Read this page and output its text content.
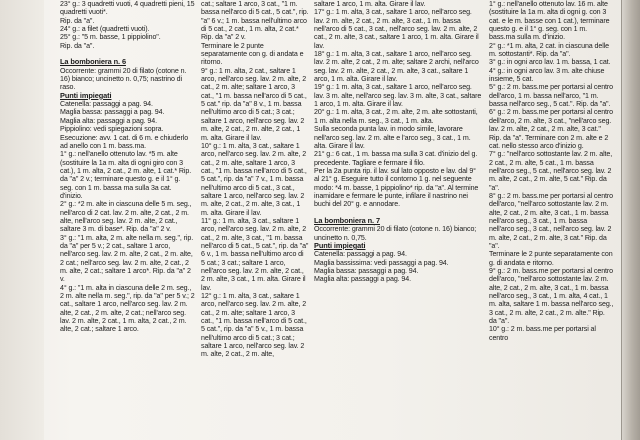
23° g.: 3 quadretti vuoti, 4 quadretti pieni, 15 quadretti vuoti*.

Rip. da "a".

24° g.: a filet (quadretti vuoti).

25° g.: "5 m. basse, 1 pippiolino".

Rip. da "a".

La bomboniera n. 6

Occorrente: grammi 20 di filato (cotone n. 16) bianco; uncinetto n. 0,75; nastrino di raso.

Punti impiegati

Catenella: passaggi a pag. 94.

Maglia bassa: passaggi a pag. 94.

Maglia alta: passaggi a pag. 94.

Pippiolino: vedi spiegazioni sopra.

Esecuzione: avv. 1 cat. di 6 m. e chiuderlo ad anello con 1 m. bass.ma.

1° g.: nell'anello ottenuto lav. *5 m. alte (sostituire la 1a m. alta di ogni giro con 3 cat.), 1 m. alta, 2 cat., 2 m. alte, 1 cat.* Rip. da "a" 2 v.; terminare questo g. e il 1° g. seg. con 1 m. bassa ma sulla 3a cat. d'inizio.

2° g.: *2 m. alte in ciascuna delle 5 m. seg., nell'arco di 2 cat. lav. 2 m. alte, 2 cat., 2 m. alte, nell'arco seg. lav. 2 m. alte, 2 cat., saltare 3 m. di base*. Rip. da "a" 2 v.

3° g.: "1 m. alta, 2 m. alte nella m. seg.", rip. da "a" per 5 v.; 2 cat., saltare 1 arco, nell'arco seg. lav. 2 m. alte, 2 cat., 2 m. alte, 2 cat.; nell'arco seg. lav. 2 m. alte, 2 cat., 2 m. alte, 2 cat.; saltare 1 arco*. Rip. da "a" 2 v.

4° g.: "1 m. alta in ciascuna delle 2 m. seg., 2 m. alte nella m. seg.", rip. da "a" per 5 v.; 2 cat., saltare 1 arco, nell'arco seg. lav. 2 m. alte, 2 cat., 2 m. alte, 2 cat.; nell'arco seg. lav. 2 m. alte, 2 cat., 1 m. alta, 2 cat., 2 m. alte, 2 cat.; saltare 1 arco.

cat.; saltare 1 arco, 3 cat., "1 m. bassa nell'arco di 5 cat., 5 cat.", rip. "a" 6 v.; 1 m. bassa nell'ultimo arco di 5 cat., 2 cat., 1 m. alta, 2 cat.* Rip. da "a" 2 v.

Terminare le 2 punte separatamente con g. di andata e ritorno.

9° g.: 1 m. alta, 2 cat., saltare 1 arco, nell'arco seg. lav. 2 m. alte, 2 cat., 2 m. alte; saltare 1 arco, 3 cat., "1 m. bassa nell'arco di 5 cat., 5 cat." rip. da "a" 8 v., 1 m. bassa nell'ultimo arco di 5 cat.; 3 cat.; saltare 1 arco, nell'arco seg. lav. 2 m. alte, 2 cat., 2 m. alte, 2 cat., 1 m. alta. Girare il lav.

10° g.: 1 m. alta, 3 cat., saltare 1 arco, nell'arco seg. lav. 2 m. alte, 2 cat., 2 m. alte, saltare 1 arco, 3 cat., "1 m. bassa nell'arco di 5 cat., 5 cat.", rip. da "a" 7 v., 1 m. bassa nell'ultimo arco di 5 cat., 3 cat., saltare 1 arco, nell'arco seg. lav. 2 m. alte, 2 cat., 2 m. alte, 3 cat., 1 m. alta. Girare il lav.

11° g.: 1 m. alta, 3 cat., saltare 1 arco, nell'arco seg. lav. 2 m. alte, 2 cat., 2 m. alte, 3 cat., "1 m. bassa nell'arco di 5 cat., 5 cat.", rip. da "a" 6 v., 1 m. bassa nell'ultimo arco di 5 cat.; 3 cat.; saltare 1 arco, nell'arco seg. lav. 2 m. alte, 2 cat., 2 m. alte, 3 cat., 1 m. alta. Girare il lav.

12° g.: 1 m. alta, 3 cat., saltare 1 arco, nell'arco seg. lav. 2 m. alte, 2 cat., 2 m. alte; saltare 1 arco, 3 cat., "1 m. bassa nell'arco di 5 cat., 5 cat.", rip. da "a" 5 v., 1 m. bassa nell'ultimo arco di 5 cat.; 3 cat.; saltare 1 arco, nell'arco seg. lav. 2 m. alte, 2 cat., 2 m. alte,

saltare 1 arco, 1 m. alta. Girare il lav.

17° g.: 1 m. alta, 3 cat., saltare 1 arco, nell'arco seg. lav. 2 m. alte, 2 cat., 2 m. alte, 3 cat., 1 m. bassa nell'arco di 5 cat., 3 cat., nell'arco seg. lav. 2 m. alte, 2 cat., 2 m. alte, 3 cat., saltare 1 arco, 1 m. alta. Girare il lav.

18° g.: 1 m. alta, 3 cat., saltare 1 arco, nell'arco seg. lav. 2 m. alte, 2 cat., 2 m. alte; saltare 2 archi, nell'arco seg. lav. 2 m. alte, 2 cat., 2 m. alte, 3 cat., saltare 1 arco, 1 m. alta. Girare il lav.

19° g.: 1 m. alta, 3 cat., saltare 1 arco, nell'arco seg. lav. 3 m. alte, nell'arco seg. lav. 3 m. alte, 3 cat., saltare 1 arco, 1 m. alta. Girare il lav.

20° g.: 1 m. alta, 3 cat., 2 m. alte, 2 m. alte sottostanti, 1 m. alta nella m. seg., 3 cat., 1 m. alta.

Sulla seconda punta lav. in modo simile, lavorare nell'arco seg. lav. 2 m. alte e l'arco seg., 3 cat., 1 m. alta. Girare il lav.

21° g.: 6 cat., 1 m. bassa ma sulla 3 cat. d'inizio del g. precedente. Tagliare e fermare il filo.

Per la 2a punta rip. il lav. sul lato opposto e lav. dal 9° al 21° g. Eseguire tutto il contorno 1 g. nel seguente modo: *4 m. basse, 1 pippiolino* rip. da "a". Al termine inamidare e fermare le punte, infilare il nastrino nei buchi del 20° g. e annodare.

La bomboniera n. 7

Occorrente: grammi 20 di filato (cotone n. 16) bianco; uncinetto n. 0,75.

Punti impiegati

Catenella: passaggi a pag. 94.

Maglia bassissima: vedi passaggi a pag. 94.

Maglia bassa: passaggi a pag. 94.

Maglia alta: passaggi a pag. 94.

1° g.: nell'anello ottenuto lav. 16 m. alte (sostituire la 1a m. alta di ogni g. con 3 cat. e le m. basse con 1 cat.), terminare questo g. e il 1° g. seg. con 1 m. bass.ma sulla m. d'inizio.

2° g.: *1 m. alta, 2 cat. in ciascuna delle m. sottostanti*. Rip. da "a".

3° g.: in ogni arco lav. 1 m. bassa, 1 cat.

4° g.: in ogni arco lav. 3 m. alte chiuse insieme, 5 cat.

5° g.: 2 m. bass.me per portarsi al centro dell'arco, 1 m. bassa nell'arco, "1 m. bassa nell'arco seg., 5 cat.". Rip. da "a".

6° g.: 2 m. bass.me per portarsi al centro dell'arco, 2 m. alte, 3 cat., "nell'arco seg. lav. 2 m. alte, 2 cat., 2 m. alte, 3 cat." Rip. da "a". Terminare con 2 m. alte e 2 cat. nello stesso arco d'inizio g.

7° g.: "nell'arco sottostante lav. 2 m. alte, 2 cat., 2 m. alte, 5 cat., 1 m. bassa nell'arco seg., 5 cat., nell'arco seg. lav. 2 m. alte, 2 cat., 2 m. alte, 5 cat." Rip. da "a".

8° g.: 2 m. bass.me per portarsi al centro dell'arco, "nell'arco sottostante lav. 2 m. alte, 2 cat., 2 m. alte, 3 cat., 1 m. bassa nell'arco seg., 3 cat., 1 m. bassa nell'arco seg., 3 cat., nell'arco seg. lav. 2 m. alte, 2 cat., 2 m. alte, 3 cat." Rip. da "a".

Terminare le 2 punte separatamente con g. di andata e ritorno.

9° g.: 2 m. bass.me per portarsi al centro dell'arco, "nell'arco sottostante lav. 2 m. alte, 2 cat., 2 m. alte, 3 cat., 1 m. bassa nell'arco seg., 3 cat., 1 m. alta, 4 cat., 1 m. alta, saltare 1 m. bassa nell'arco seg., 3 cat., 2 m. alte, 2 cat., 2 m. alte." Rip. da "a".

10° g.: 2 m. bass.me per portarsi al centro
